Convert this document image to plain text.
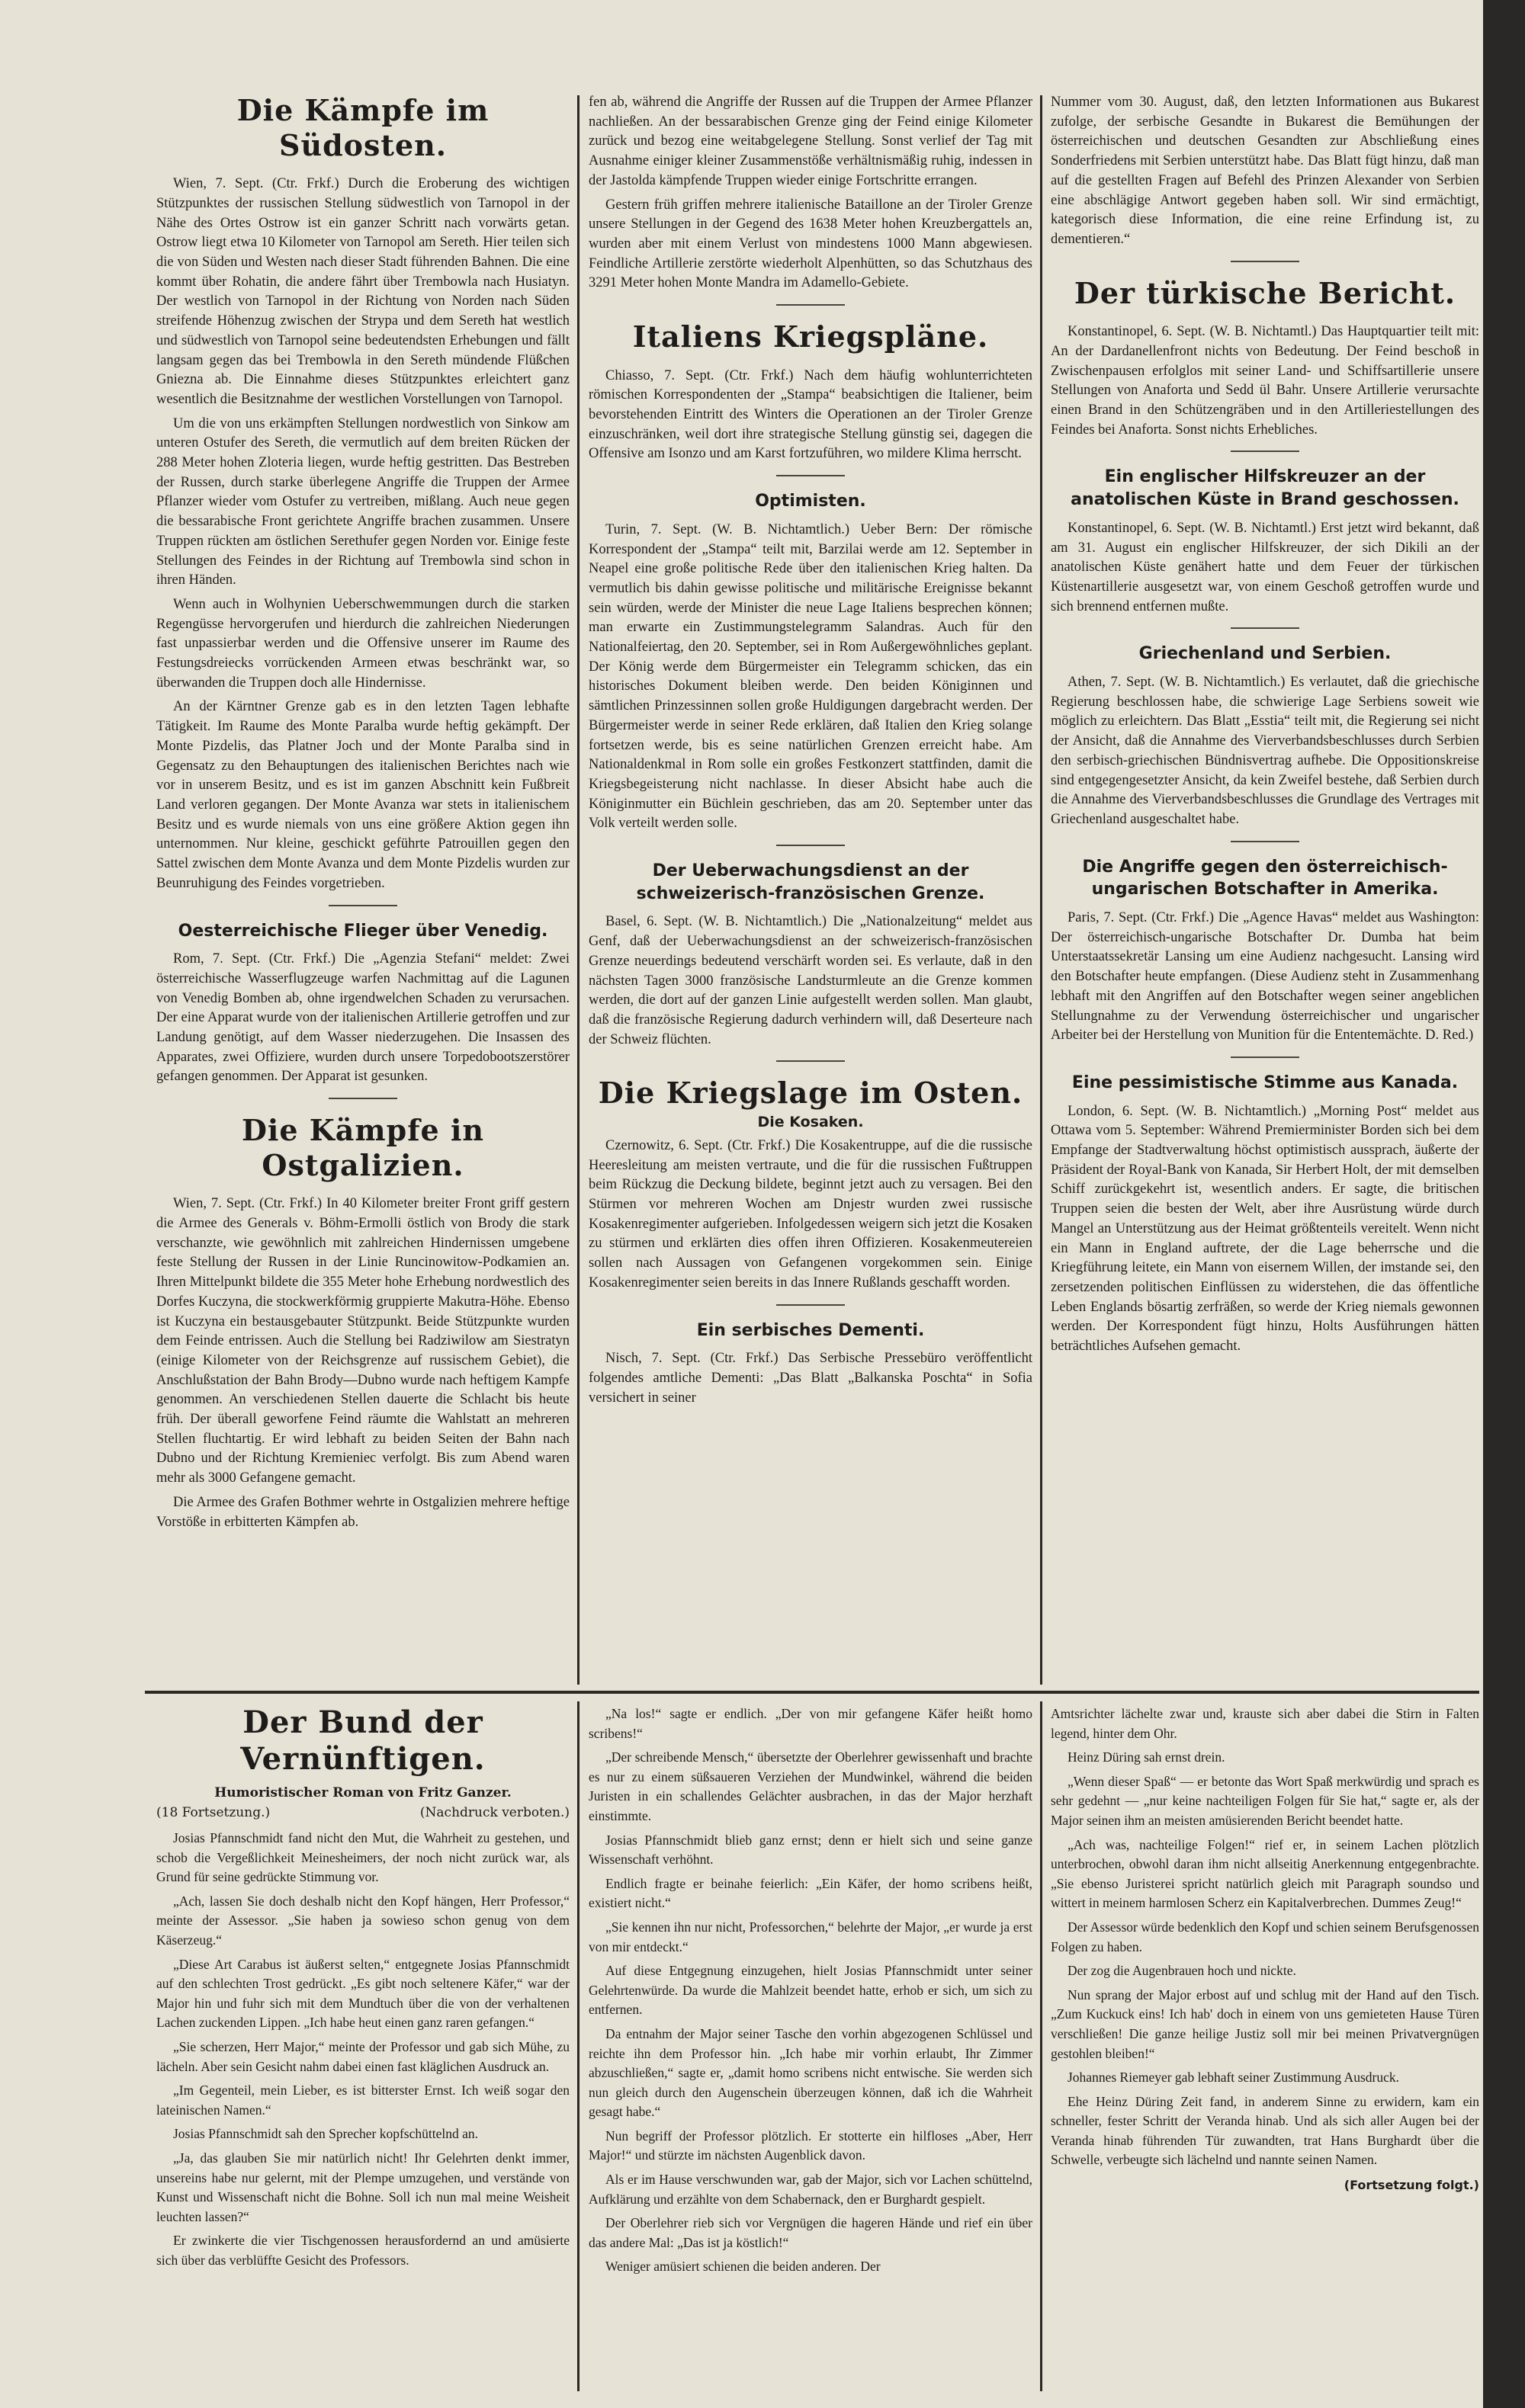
Die Kämpfe im Südosten.

Wien, 7. Sept. (Ctr. Frkf.) Durch die Eroberung des wichtigen Stützpunktes der russischen Stellung südwestlich von Tarnopol in der Nähe des Ortes Ostrow ist ein ganzer Schritt nach vorwärts getan. Ostrow liegt etwa 10 Kilometer von Tarnopol am Sereth. Hier teilen sich die von Süden und Westen nach dieser Stadt führenden Bahnen. Die eine kommt über Rohatin, die andere fährt über Trembowla nach Husiatyn. Der westlich von Tarnopol in der Richtung von Norden nach Süden streifende Höhenzug zwischen der Strypa und dem Sereth hat westlich und südwestlich von Tarnopol seine bedeutendsten Erhebungen und fällt langsam gegen das bei Trembowla in den Sereth mündende Flüßchen Gniezna ab. Die Einnahme dieses Stützpunktes erleichtert ganz wesentlich die Besitznahme der westlichen Vorstellungen von Tarnopol.

Um die von uns erkämpften Stellungen nordwestlich von Sinkow am unteren Ostufer des Sereth, die vermutlich auf dem breiten Rücken der 288 Meter hohen Zloteria liegen, wurde heftig gestritten. Das Bestreben der Russen, durch starke überlegene Angriffe die Truppen der Armee Pflanzer wieder vom Ostufer zu vertreiben, mißlang. Auch neue gegen die bessarabische Front gerichtete Angriffe brachen zusammen. Unsere Truppen rückten am östlichen Serethufer gegen Norden vor. Einige feste Stellungen des Feindes in der Richtung auf Trembowla sind schon in ihren Händen.

Wenn auch in Wolhynien Ueberschwemmungen durch die starken Regengüsse hervorgerufen und hierdurch die zahlreichen Niederungen fast unpassierbar werden und die Offensive unserer im Raume des Festungsdreiecks vorrückenden Armeen etwas beschränkt war, so überwanden die Truppen doch alle Hindernisse.

An der Kärntner Grenze gab es in den letzten Tagen lebhafte Tätigkeit. Im Raume des Monte Paralba wurde heftig gekämpft. Der Monte Pizdelis, das Platner Joch und der Monte Paralba sind in Gegensatz zu den Behauptungen des italienischen Berichtes nach wie vor in unserem Besitz, und es ist im ganzen Abschnitt kein Fußbreit Land verloren gegangen. Der Monte Avanza war stets in italienischem Besitz und es wurde niemals von uns eine größere Aktion gegen ihn unternommen. Nur kleine, geschickt geführte Patrouillen gegen den Sattel zwischen dem Monte Avanza und dem Monte Pizdelis wurden zur Beunruhigung des Feindes vorgetrieben.

Oesterreichische Flieger über Venedig.

Rom, 7. Sept. (Ctr. Frkf.) Die „Agenzia Stefani“ meldet: Zwei österreichische Wasserflugzeuge warfen Nachmittag auf die Lagunen von Venedig Bomben ab, ohne irgendwelchen Schaden zu verursachen. Der eine Apparat wurde von der italienischen Artillerie getroffen und zur Landung genötigt, auf dem Wasser niederzugehen. Die Insassen des Apparates, zwei Offiziere, wurden durch unsere Torpedobootszerstörer gefangen genommen. Der Apparat ist gesunken.

Die Kämpfe in Ostgalizien.

Wien, 7. Sept. (Ctr. Frkf.) In 40 Kilometer breiter Front griff gestern die Armee des Generals v. Böhm-Ermolli östlich von Brody die stark verschanzte, wie gewöhnlich mit zahlreichen Hindernissen umgebene feste Stellung der Russen in der Linie Runcinowitow-Podkamien an. Ihren Mittelpunkt bildete die 355 Meter hohe Erhebung nordwestlich des Dorfes Kuczyna, die stockwerkförmig gruppierte Makutra-Höhe. Ebenso ist Kuczyna ein bestausgebauter Stützpunkt. Beide Stützpunkte wurden dem Feinde entrissen. Auch die Stellung bei Radziwilow am Siestratyn (einige Kilometer von der Reichsgrenze auf russischem Gebiet), die Anschlußstation der Bahn Brody—Dubno wurde nach heftigem Kampfe genommen. An verschiedenen Stellen dauerte die Schlacht bis heute früh. Der überall geworfene Feind räumte die Wahlstatt an mehreren Stellen fluchtartig. Er wird lebhaft zu beiden Seiten der Bahn nach Dubno und der Richtung Kremieniec verfolgt. Bis zum Abend waren mehr als 3000 Gefangene gemacht.

Die Armee des Grafen Bothmer wehrte in Ostgalizien mehrere heftige Vorstöße in erbitterten Kämpfen ab.

fen ab, während die Angriffe der Russen auf die Truppen der Armee Pflanzer nachließen. An der bessarabischen Grenze ging der Feind einige Kilometer zurück und bezog eine weitabgelegene Stellung. Sonst verlief der Tag mit Ausnahme einiger kleiner Zusammenstöße verhältnismäßig ruhig, indessen in der Jastolda kämpfende Truppen wieder einige Fortschritte errangen.

Gestern früh griffen mehrere italienische Bataillone an der Tiroler Grenze unsere Stellungen in der Gegend des 1638 Meter hohen Kreuzbergattels an, wurden aber mit einem Verlust von mindestens 1000 Mann abgewiesen. Feindliche Artillerie zerstörte wiederholt Alpenhütten, so das Schutzhaus des 3291 Meter hohen Monte Mandra im Adamello-Gebiete.

Italiens Kriegspläne.

Chiasso, 7. Sept. (Ctr. Frkf.) Nach dem häufig wohlunterrichteten römischen Korrespondenten der „Stampa“ beabsichtigen die Italiener, beim bevorstehenden Eintritt des Winters die Operationen an der Tiroler Grenze einzuschränken, weil dort ihre strategische Stellung günstig sei, dagegen die Offensive am Isonzo und am Karst fortzuführen, wo mildere Klima herrscht.

Optimisten.

Turin, 7. Sept. (W. B. Nichtamtlich.) Ueber Bern: Der römische Korrespondent der „Stampa“ teilt mit, Barzilai werde am 12. September in Neapel eine große politische Rede über den italienischen Krieg halten. Da vermutlich bis dahin gewisse politische und militärische Ereignisse bekannt sein würden, werde der Minister die neue Lage Italiens besprechen können; man erwarte ein Zustimmungstelegramm Salandras. Auch für den Nationalfeiertag, den 20. September, sei in Rom Außergewöhnliches geplant. Der König werde dem Bürgermeister ein Telegramm schicken, das ein historisches Dokument bleiben werde. Den beiden Königinnen und sämtlichen Prinzessinnen sollen große Huldigungen dargebracht werden. Der Bürgermeister werde in seiner Rede erklären, daß Italien den Krieg solange fortsetzen werde, bis es seine natürlichen Grenzen erreicht habe. Am Nationaldenkmal in Rom solle ein großes Festkonzert stattfinden, damit die Kriegsbegeisterung nicht nachlasse. In dieser Absicht habe auch die Königinmutter ein Büchlein geschrieben, das am 20. September unter das Volk verteilt werden solle.

Der Ueberwachungsdienst an der schweizerisch-französischen Grenze.

Basel, 6. Sept. (W. B. Nichtamtlich.) Die „Nationalzeitung“ meldet aus Genf, daß der Ueberwachungsdienst an der schweizerisch-französischen Grenze neuerdings bedeutend verschärft worden sei. Es verlaute, daß in den nächsten Tagen 3000 französische Landsturmleute an die Grenze kommen werden, die dort auf der ganzen Linie aufgestellt werden sollen. Man glaubt, daß die französische Regierung dadurch verhindern will, daß Deserteure nach der Schweiz flüchten.

Die Kriegslage im Osten.
Die Kosaken.

Czernowitz, 6. Sept. (Ctr. Frkf.) Die Kosakentruppe, auf die die russische Heeresleitung am meisten vertraute, und die für die russischen Fußtruppen beim Rückzug die Deckung bildete, beginnt jetzt auch zu versagen. Bei den Stürmen vor mehreren Wochen am Dnjestr wurden zwei russische Kosakenregimenter aufgerieben. Infolgedessen weigern sich jetzt die Kosaken zu stürmen und erklärten dies offen ihren Offizieren. Kosakenmeutereien sollen nach Aussagen von Gefangenen vorgekommen sein. Einige Kosakenregimenter seien bereits in das Innere Rußlands geschafft worden.

Ein serbisches Dementi.

Nisch, 7. Sept. (Ctr. Frkf.) Das Serbische Pressebüro veröffentlicht folgendes amtliche Dementi: „Das Blatt „Balkanska Poschta“ in Sofia versichert in seiner

Nummer vom 30. August, daß, den letzten Informationen aus Bukarest zufolge, der serbische Gesandte in Bukarest die Bemühungen der österreichischen und deutschen Gesandten zur Abschließung eines Sonderfriedens mit Serbien unterstützt habe. Das Blatt fügt hinzu, daß man auf die gestellten Fragen auf Befehl des Prinzen Alexander von Serbien eine abschlägige Antwort gegeben haben soll. Wir sind ermächtigt, kategorisch diese Information, die eine reine Erfindung ist, zu dementieren.“

Der türkische Bericht.

Konstantinopel, 6. Sept. (W. B. Nichtamtl.) Das Hauptquartier teilt mit: An der Dardanellenfront nichts von Bedeutung. Der Feind beschoß in Zwischenpausen erfolglos mit seiner Land- und Schiffsartillerie unsere Stellungen von Anaforta und Sedd ül Bahr. Unsere Artillerie verursachte einen Brand in den Schützengräben und in den Artilleriestellungen des Feindes bei Anaforta. Sonst nichts Erhebliches.

Ein englischer Hilfskreuzer an der anatolischen Küste in Brand geschossen.

Konstantinopel, 6. Sept. (W. B. Nichtamtl.) Erst jetzt wird bekannt, daß am 31. August ein englischer Hilfskreuzer, der sich Dikili an der anatolischen Küste genähert hatte und dem Feuer der türkischen Küstenartillerie ausgesetzt war, von einem Geschoß getroffen wurde und sich brennend entfernen mußte.

Griechenland und Serbien.

Athen, 7. Sept. (W. B. Nichtamtlich.) Es verlautet, daß die griechische Regierung beschlossen habe, die schwierige Lage Serbiens soweit wie möglich zu erleichtern. Das Blatt „Esstia“ teilt mit, die Regierung sei nicht der Ansicht, daß die Annahme des Vierverbandsbeschlusses durch Serbien den serbisch-griechischen Bündnisvertrag aufhebe. Die Oppositionskreise sind entgegengesetzter Ansicht, da kein Zweifel bestehe, daß Serbien durch die Annahme des Vierverbandsbeschlusses die Grundlage des Vertrages mit Griechenland ausgeschaltet habe.

Die Angriffe gegen den österreichisch-ungarischen Botschafter in Amerika.

Paris, 7. Sept. (Ctr. Frkf.) Die „Agence Havas“ meldet aus Washington: Der österreichisch-ungarische Botschafter Dr. Dumba hat beim Unterstaatssekretär Lansing um eine Audienz nachgesucht. Lansing wird den Botschafter heute empfangen. (Diese Audienz steht in Zusammenhang lebhaft mit den Angriffen auf den Botschafter wegen seiner angeblichen Stellungnahme zu der Verwendung österreichischer und ungarischer Arbeiter bei der Herstellung von Munition für die Ententemächte. D. Red.)

Eine pessimistische Stimme aus Kanada.

London, 6. Sept. (W. B. Nichtamtlich.) „Morning Post“ meldet aus Ottawa vom 5. September: Während Premierminister Borden sich bei dem Empfange der Stadtverwaltung höchst optimistisch aussprach, äußerte der Präsident der Royal-Bank von Kanada, Sir Herbert Holt, der mit demselben Schiff zurückgekehrt ist, wesentlich anders. Er sagte, die britischen Truppen seien die besten der Welt, aber ihre Ausrüstung würde durch Mangel an Unterstützung aus der Heimat größtenteils vereitelt. Wenn nicht ein Mann in England auftrete, der die Lage beherrsche und die Kriegführung leitete, ein Mann von eisernem Willen, der imstande sei, den zersetzenden politischen Einflüssen zu widerstehen, die das öffentliche Leben Englands bösartig zerfräßen, so werde der Krieg niemals gewonnen werden. Der Korrespondent fügt hinzu, Holts Ausführungen hätten beträchtliches Aufsehen gemacht.

Der Bund der Vernünftigen.
Humoristischer Roman von Fritz Ganzer.
(18 Fortsetzung.)	(Nachdruck verboten.)

Josias Pfannschmidt fand nicht den Mut, die Wahrheit zu gestehen, und schob die Vergeßlichkeit Meinesheimers, der noch nicht zurück war, als Grund für seine gedrückte Stimmung vor.

„Ach, lassen Sie doch deshalb nicht den Kopf hängen, Herr Professor,“ meinte der Assessor. „Sie haben ja sowieso schon genug von dem Käserzeug.“

„Diese Art Carabus ist äußerst selten,“ entgegnete Josias Pfannschmidt auf den schlechten Trost gedrückt. „Es gibt noch seltenere Käfer,“ war der Major hin und fuhr sich mit dem Mundtuch über die von der verhaltenen Lachen zuckenden Lippen. „Ich habe heut einen ganz raren gefangen.“

„Sie scherzen, Herr Major,“ meinte der Professor und gab sich Mühe, zu lächeln. Aber sein Gesicht nahm dabei einen fast kläglichen Ausdruck an.

„Im Gegenteil, mein Lieber, es ist bitterster Ernst. Ich weiß sogar den lateinischen Namen.“

Josias Pfannschmidt sah den Sprecher kopfschüttelnd an.

„Ja, das glauben Sie mir natürlich nicht! Ihr Gelehrten denkt immer, unsereins habe nur gelernt, mit der Plempe umzugehen, und verstände von Kunst und Wissenschaft nicht die Bohne. Soll ich nun mal meine Weisheit leuchten lassen?“

Er zwinkerte die vier Tischgenossen herausfordernd an und amüsierte sich über das verblüffte Gesicht des Professors.

„Na los!“ sagte er endlich. „Der von mir gefangene Käfer heißt homo scribens!“

„Der schreibende Mensch,“ übersetzte der Oberlehrer gewissenhaft und brachte es nur zu einem süßsaueren Verziehen der Mundwinkel, während die beiden Juristen in ein schallendes Gelächter ausbrachen, in das der Major herzhaft einstimmte.

Josias Pfannschmidt blieb ganz ernst; denn er hielt sich und seine ganze Wissenschaft verhöhnt.

Endlich fragte er beinahe feierlich: „Ein Käfer, der homo scribens heißt, existiert nicht.“

„Sie kennen ihn nur nicht, Professorchen,“ belehrte der Major, „er wurde ja erst von mir entdeckt.“

Auf diese Entgegnung einzugehen, hielt Josias Pfannschmidt unter seiner Gelehrtenwürde. Da wurde die Mahlzeit beendet hatte, erhob er sich, um sich zu entfernen.

Da entnahm der Major seiner Tasche den vorhin abgezogenen Schlüssel und reichte ihn dem Professor hin. „Ich habe mir vorhin erlaubt, Ihr Zimmer abzuschließen,“ sagte er, „damit homo scribens nicht entwische. Sie werden sich nun gleich durch den Augenschein überzeugen können, daß ich die Wahrheit gesagt habe.“

Nun begriff der Professor plötzlich. Er stotterte ein hilfloses „Aber, Herr Major!“ und stürzte im nächsten Augenblick davon.

Als er im Hause verschwunden war, gab der Major, sich vor Lachen schüttelnd, Aufklärung und erzählte von dem Schabernack, den er Burghardt gespielt.

Der Oberlehrer rieb sich vor Vergnügen die hageren Hände und rief ein über das andere Mal: „Das ist ja köstlich!“

Weniger amüsiert schienen die beiden anderen. Der

Amtsrichter lächelte zwar und, krauste sich aber dabei die Stirn in Falten legend, hinter dem Ohr.

Heinz Düring sah ernst drein.

„Wenn dieser Spaß“ — er betonte das Wort Spaß merkwürdig und sprach es sehr gedehnt — „nur keine nachteiligen Folgen für Sie hat,“ sagte er, als der Major seinen ihm an meisten amüsierenden Bericht beendet hatte.

„Ach was, nachteilige Folgen!“ rief er, in seinem Lachen plötzlich unterbrochen, obwohl daran ihm nicht allseitig Anerkennung entgegenbrachte. „Sie ebenso Juristerei spricht natürlich gleich mit Paragraph soundso und wittert in meinem harmlosen Scherz ein Kapitalverbrechen. Dummes Zeug!“

Der Assessor würde bedenklich den Kopf und schien seinem Berufsgenossen Folgen zu haben.

Der zog die Augenbrauen hoch und nickte.

Nun sprang der Major erbost auf und schlug mit der Hand auf den Tisch. „Zum Kuckuck eins! Ich hab' doch in einem von uns gemieteten Hause Türen verschließen! Die ganze heilige Justiz soll mir bei meinen Privatvergnügen gestohlen bleiben!“

Johannes Riemeyer gab lebhaft seiner Zustimmung Ausdruck.

Ehe Heinz Düring Zeit fand, in anderem Sinne zu erwidern, kam ein schneller, fester Schritt der Veranda hinab. Und als sich aller Augen bei der Veranda hinab führenden Tür zuwandten, trat Hans Burghardt über die Schwelle, verbeugte sich lächelnd und nannte seinen Namen.

(Fortsetzung folgt.)
